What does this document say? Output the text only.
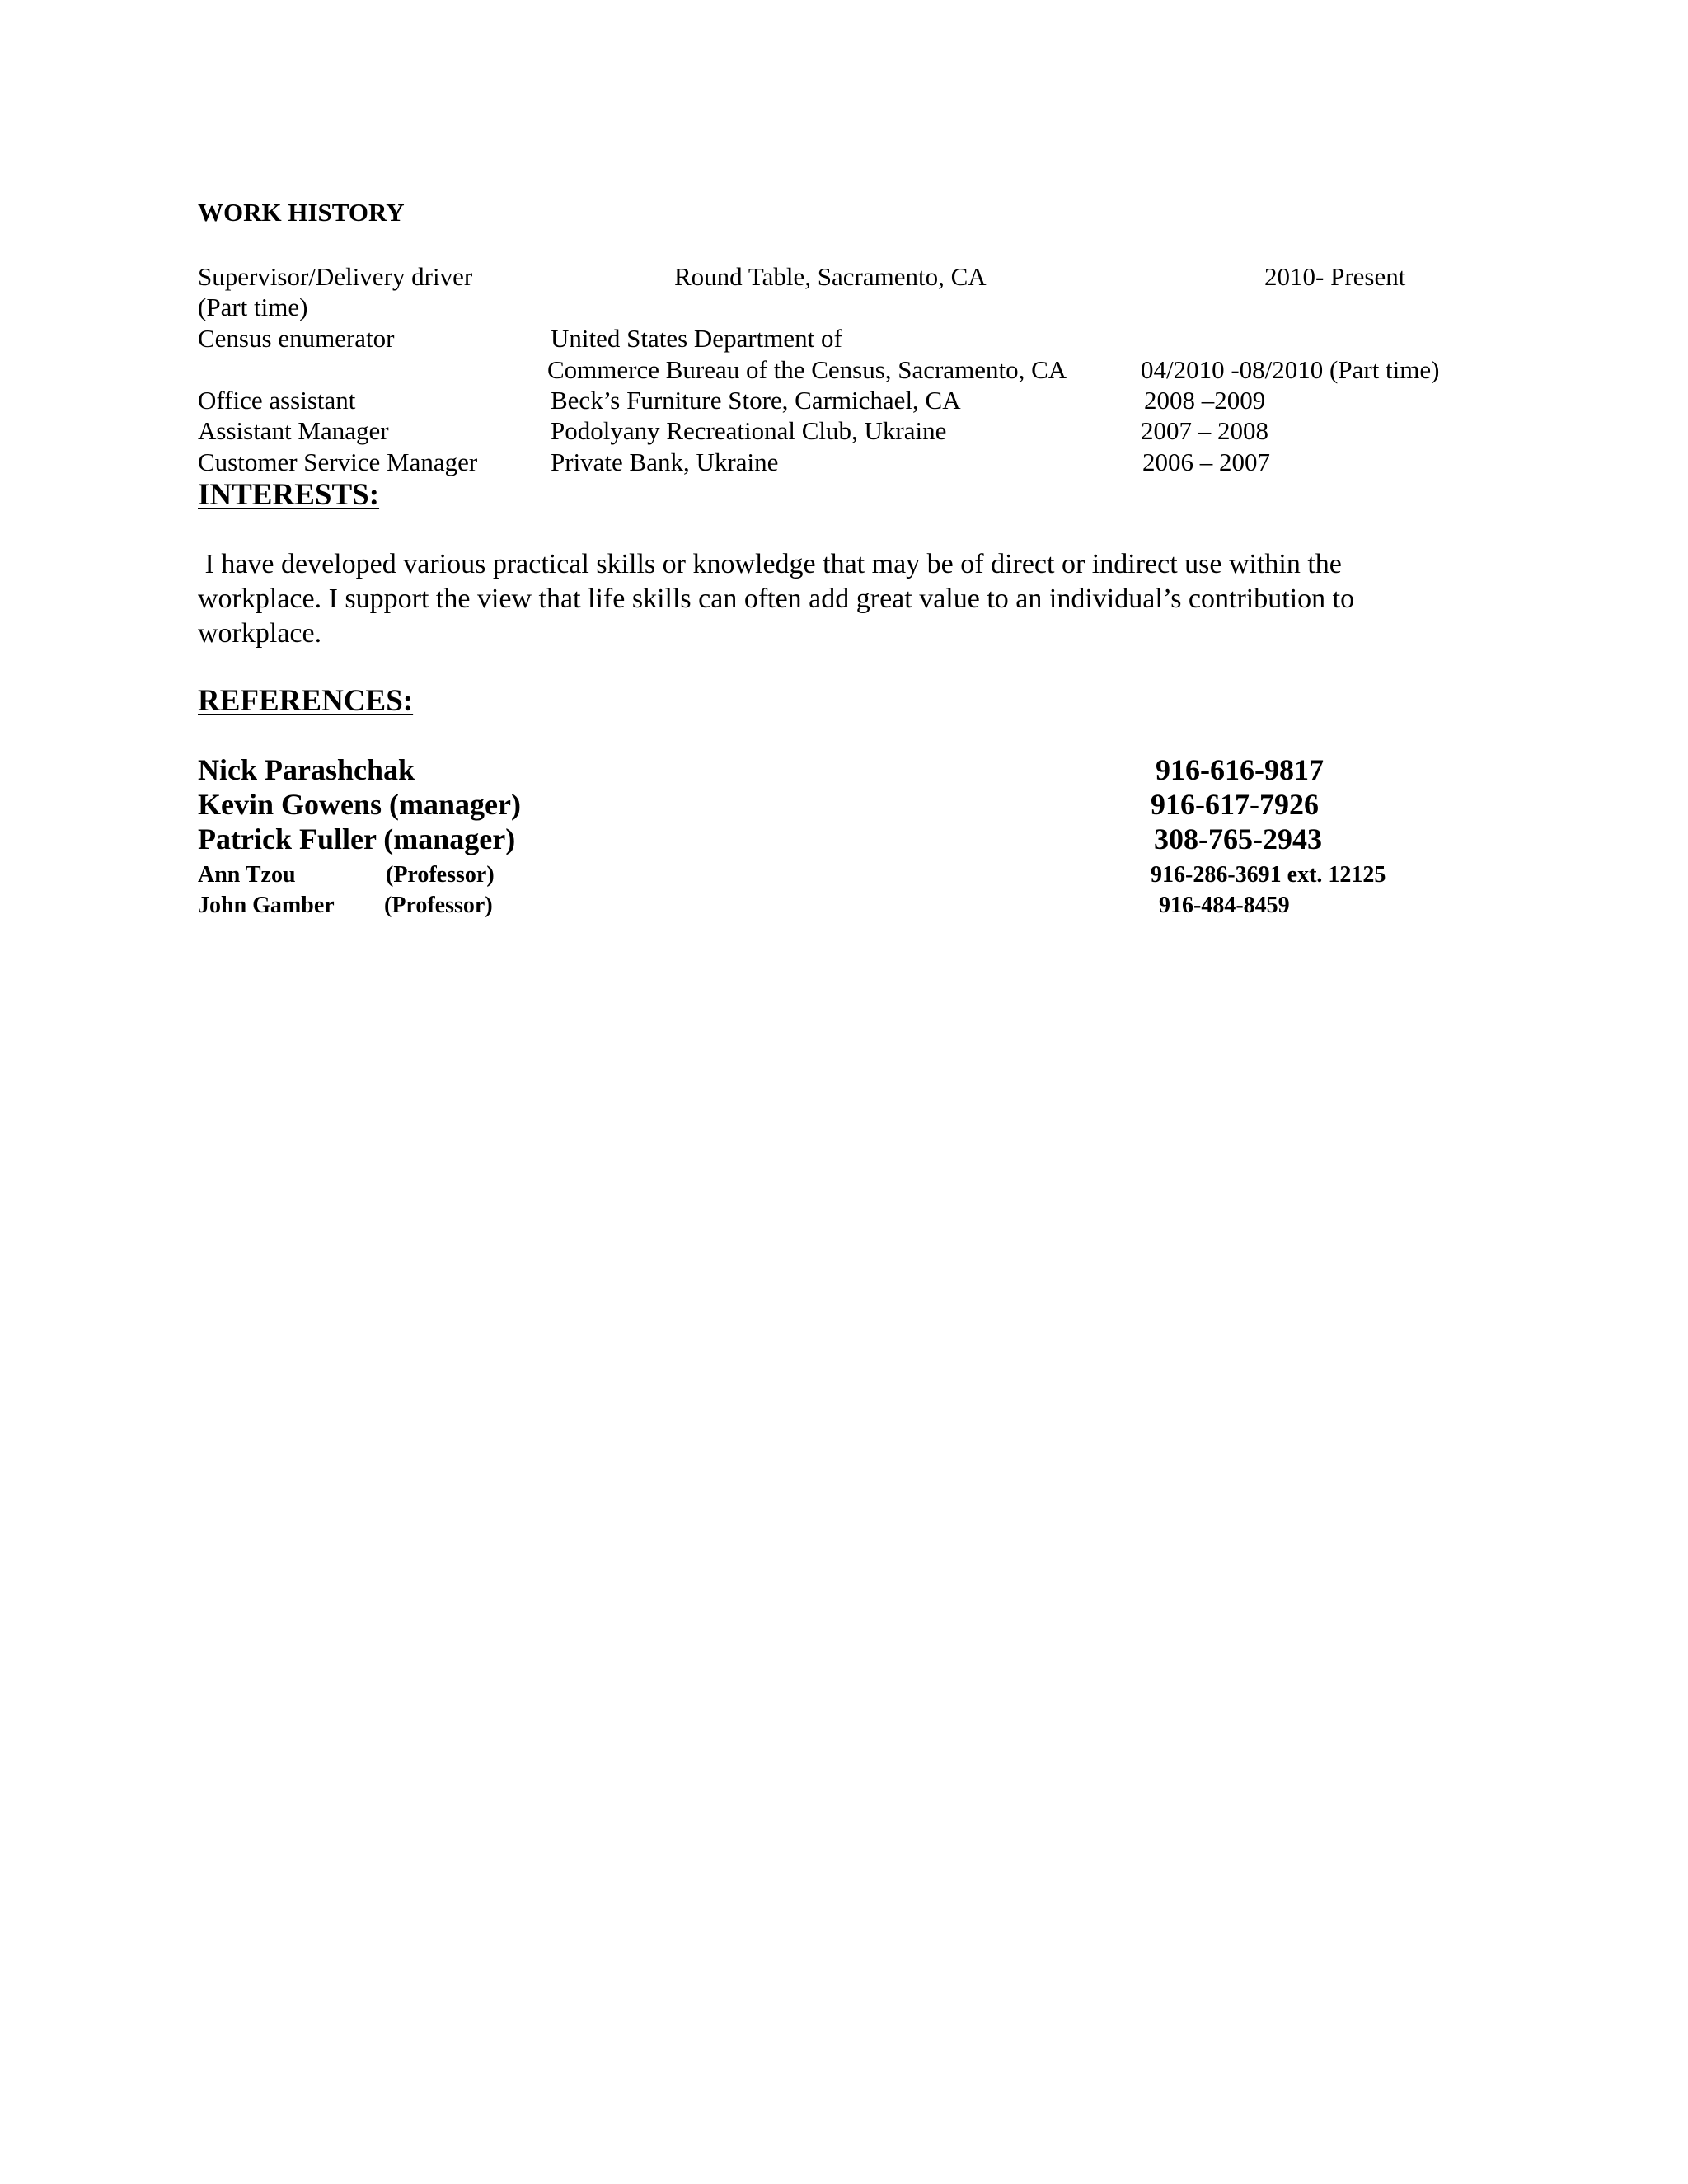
WORK HISTORY
Supervisor/Delivery driver	Round Table, Sacramento, CA	2010- Present
(Part time)
Census enumerator	United States Department of
Commerce Bureau of the Census, Sacramento, CA	04/2010 -08/2010 (Part time)
Office assistant	Beck’s Furniture Store, Carmichael, CA	2008 –2009
Assistant Manager	Podolyany Recreational Club, Ukraine	2007 – 2008
Customer Service Manager	Private Bank, Ukraine	2006 – 2007
INTERESTS:
I have developed various practical skills or knowledge that may be of direct or indirect use within the
workplace. I support the view that life skills can often add great value to an individual’s contribution to
workplace.
REFERENCES:
Nick Parashchak	916-616-9817
Kevin Gowens (manager)	916-617-7926
Patrick Fuller (manager)	308-765-2943
Ann Tzou	(Professor)	916-286-3691 ext. 12125
John Gamber (Professor)	916-484-8459
